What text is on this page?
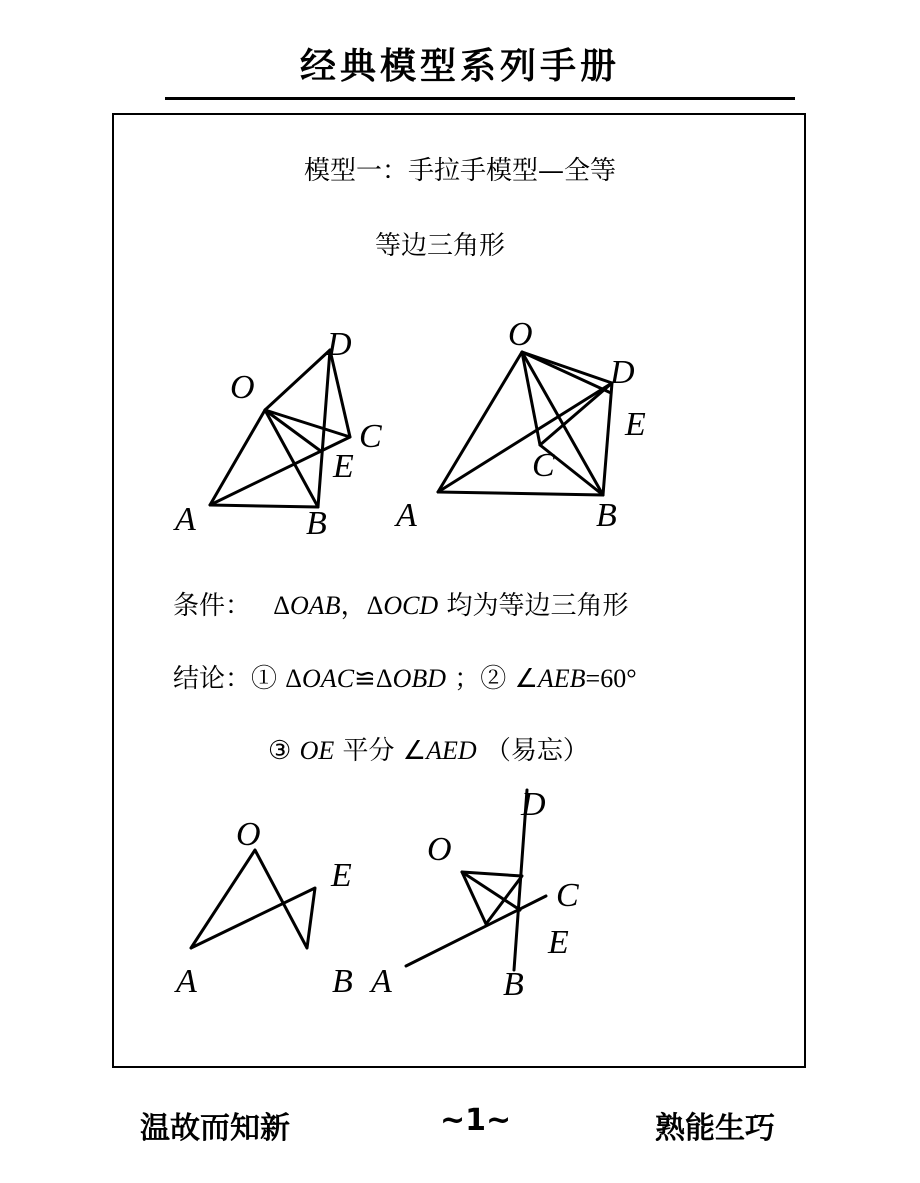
经典模型系列手册
模型一：手拉手模型—全等
等边三角形
O
D
C
E
A	B
O
D
E
C
A	B
O
E
A	B
D
O
C
E
A	B
条件： ΔOAB，ΔOCD 均为等边三角形
结论：① ΔOAC≌ΔOBD ；② ∠AEB=60°
③ OE 平分 ∠AED （易忘）
温故而知新	~1~	熟能生巧
